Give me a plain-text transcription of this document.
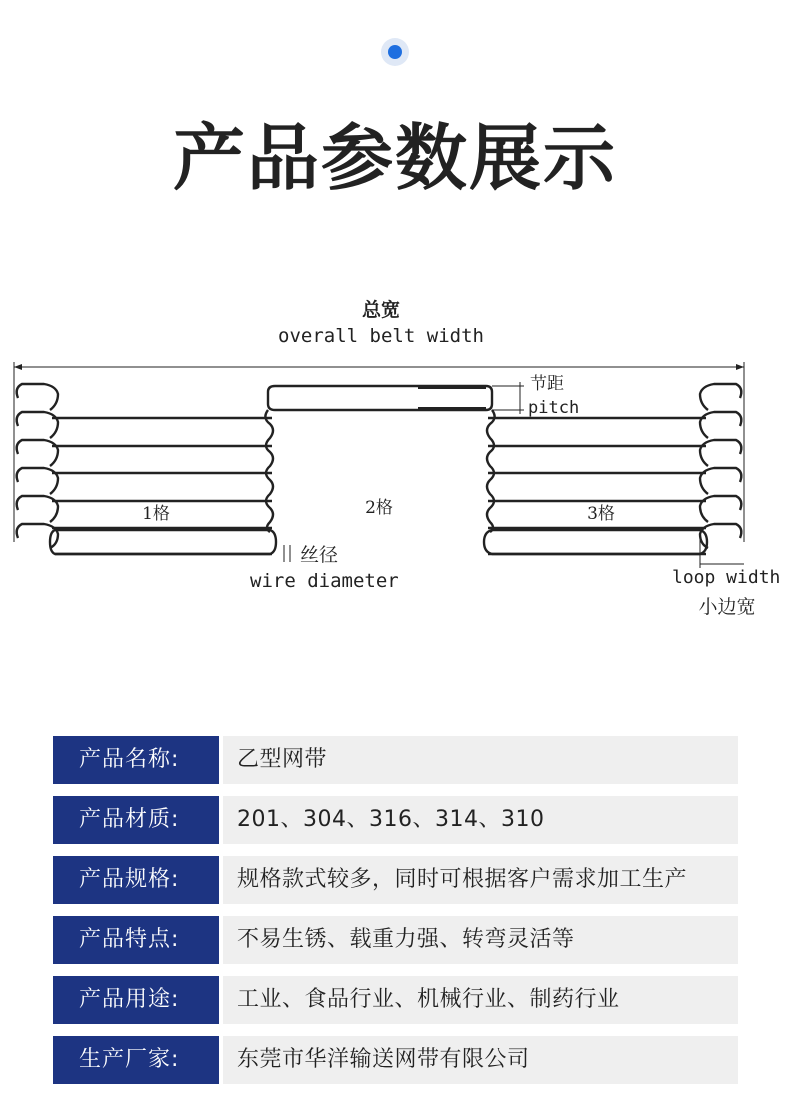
产品参数展示
总宽
overall belt width
节距
pitch
1格	2格	3格
丝径
wire diameter	loop width
小边宽
产品名称:	乙型网带
产品材质:	201、304、316、314、310
产品规格:	规格款式较多，同时可根据客户需求加工生产
产品特点:	不易生锈、载重力强、转弯灵活等
产品用途:	工业、食品行业、机械行业、制药行业
生产厂家:	东莞市华洋输送网带有限公司
